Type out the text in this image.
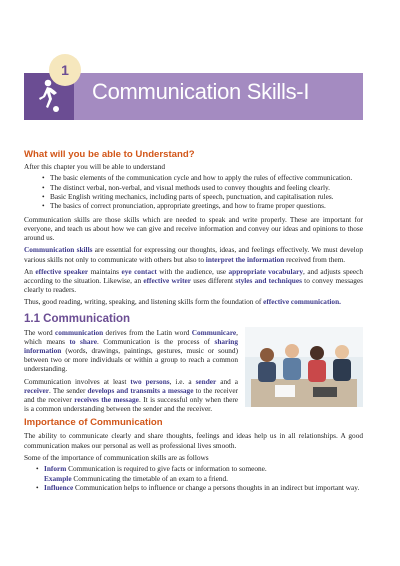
1
Communication Skills-I
What will you be able to Understand?

After this chapter you will be able to understand

• The basic elements of the communication cycle and how to apply the rules of effective communication.
• The distinct verbal, non-verbal, and visual methods used to convey thoughts and feeling clearly.
• Basic English writing mechanics, including parts of speech, punctuation, and capitalisation rules.
• The basics of correct pronunciation, appropriate greetings, and how to frame proper questions.

Communication skills are those skills which are needed to speak and write properly. These are important for everyone, and teach us about how we can give and receive information and convey our ideas and opinions to those around us.

Communication skills are essential for expressing our thoughts, ideas, and feelings effectively. We must develop various skills not only to communicate with others but also to interpret the information received from them.

An effective speaker maintains eye contact with the audience, use appropriate vocabulary, and adjusts speech according to the situation. Likewise, an effective writer uses different styles and techniques to convey messages clearly to readers.

Thus, good reading, writing, speaking, and listening skills form the foundation of effective communication.

1.1 Communication

The word communication derives from the Latin word Communicare, which means to share. Communication is the process of sharing information (words, drawings, paintings, gestures, music or sound) between two or more individuals or within a group to reach a common understanding.

Communication involves at least two persons, i.e. a sender and a receiver. The sender develops and transmits a message to the receiver and the receiver receives the message. It is successful only when there is a common understanding between the sender and the receiver.

Importance of Communication

The ability to communicate clearly and share thoughts, feelings and ideas help us in all relationships. A good communication makes our personal as well as professional lives smooth.

Some of the importance of communication skills are as follows

• Inform Communication is required to give facts or information to someone.
Example Communicating the timetable of an exam to a friend.
• Influence Communication helps to influence or change a persons thoughts in an indirect but important way.
